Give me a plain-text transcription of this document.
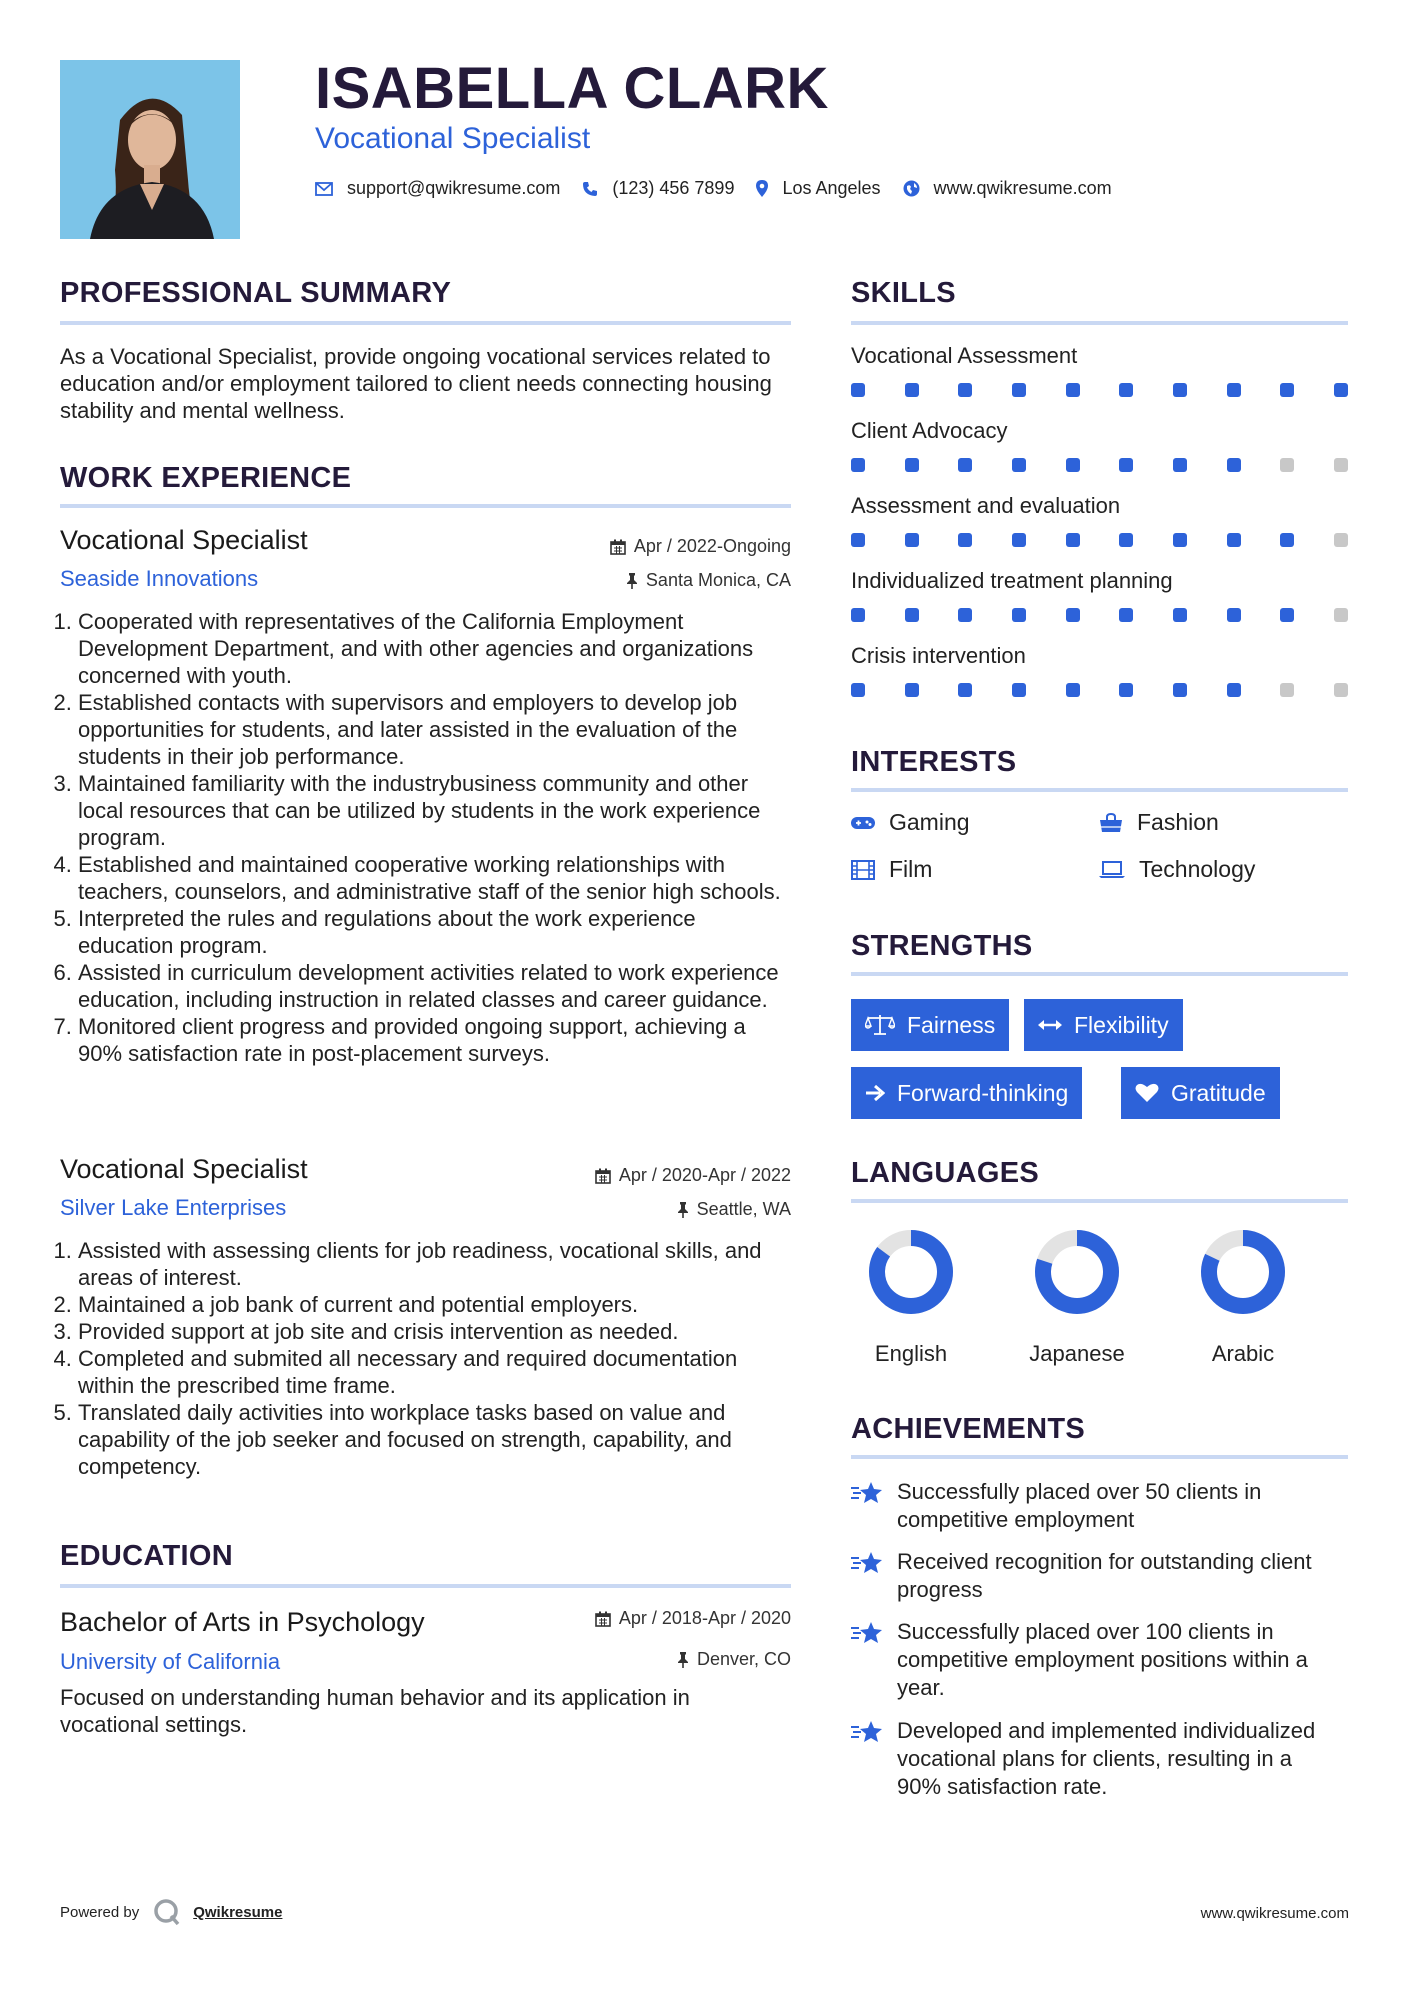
ISABELLA CLARK
Vocational Specialist
support@qwikresume.com	(123) 456 7899	Los Angeles	www.qwikresume.com
PROFESSIONAL SUMMARY
As a Vocational Specialist, provide ongoing vocational services related to education and/or employment tailored to client needs connecting housing stability and mental wellness.
WORK EXPERIENCE
Vocational Specialist	Apr / 2022-Ongoing
Seaside Innovations	Santa Monica, CA
1. Cooperated with representatives of the California Employment Development Department, and with other agencies and organizations concerned with youth.
2. Established contacts with supervisors and employers to develop job opportunities for students, and later assisted in the evaluation of the students in their job performance.
3. Maintained familiarity with the industrybusiness community and other local resources that can be utilized by students in the work experience program.
4. Established and maintained cooperative working relationships with teachers, counselors, and administrative staff of the senior high schools.
5. Interpreted the rules and regulations about the work experience education program.
6. Assisted in curriculum development activities related to work experience education, including instruction in related classes and career guidance.
7. Monitored client progress and provided ongoing support, achieving a 90% satisfaction rate in post-placement surveys.
Vocational Specialist	Apr / 2020-Apr / 2022
Silver Lake Enterprises	Seattle, WA
1. Assisted with assessing clients for job readiness, vocational skills, and areas of interest.
2. Maintained a job bank of current and potential employers.
3. Provided support at job site and crisis intervention as needed.
4. Completed and submited all necessary and required documentation within the prescribed time frame.
5. Translated daily activities into workplace tasks based on value and capability of the job seeker and focused on strength, capability, and competency.
EDUCATION
Bachelor of Arts in Psychology	Apr / 2018-Apr / 2020
University of California	Denver, CO
Focused on understanding human behavior and its application in vocational settings.
SKILLS
Vocational Assessment
Client Advocacy
Assessment and evaluation
Individualized treatment planning
Crisis intervention
INTERESTS
Gaming	Fashion
Film	Technology
STRENGTHS
Fairness	Flexibility
Forward-thinking	Gratitude
LANGUAGES
English	Japanese	Arabic
ACHIEVEMENTS
Successfully placed over 50 clients in competitive employment
Received recognition for outstanding client progress
Successfully placed over 100 clients in competitive employment positions within a year.
Developed and implemented individualized vocational plans for clients, resulting in a 90% satisfaction rate.
Powered by	Qwikresume	www.qwikresume.com
